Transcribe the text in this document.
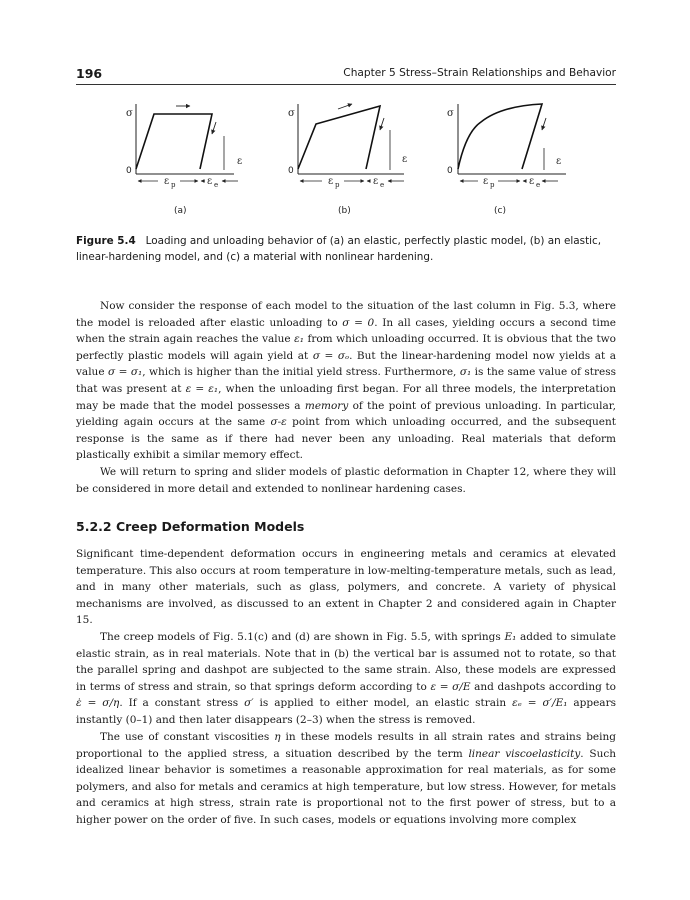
196	Chapter 5 Stress–Strain Relationships and Behavior
σ
0
ε
ε p	ε e
(a)
σ
0
ε
ε p	ε e
(b)
σ
0
ε
ε p	ε e
(c)

Figure 5.4 Loading and unloading behavior of (a) an elastic, perfectly plastic model, (b) an elastic, linear-hardening model, and (c) a material with nonlinear hardening.

Now consider the response of each model to the situation of the last column in Fig. 5.3, where the model is reloaded after elastic unloading to σ = 0. In all cases, yielding occurs a second time when the strain again reaches the value ε₁ from which unloading occurred. It is obvious that the two perfectly plastic models will again yield at σ = σₒ. But the linear-hardening model now yields at a value σ = σ₁, which is higher than the initial yield stress. Furthermore, σ₁ is the same value of stress that was present at ε = ε₁, when the unloading first began. For all three models, the interpretation may be made that the model possesses a memory of the point of previous unloading. In particular, yielding again occurs at the same σ-ε point from which unloading occurred, and the subsequent response is the same as if there had never been any unloading. Real materials that deform plastically exhibit a similar memory effect.

We will return to spring and slider models of plastic deformation in Chapter 12, where they will be considered in more detail and extended to nonlinear hardening cases.

5.2.2 Creep Deformation Models

Significant time-dependent deformation occurs in engineering metals and ceramics at elevated temperature. This also occurs at room temperature in low-melting-temperature metals, such as lead, and in many other materials, such as glass, polymers, and concrete. A variety of physical mechanisms are involved, as discussed to an extent in Chapter 2 and considered again in Chapter 15.

The creep models of Fig. 5.1(c) and (d) are shown in Fig. 5.5, with springs E₁ added to simulate elastic strain, as in real materials. Note that in (b) the vertical bar is assumed not to rotate, so that the parallel spring and dashpot are subjected to the same strain. Also, these models are expressed in terms of stress and strain, so that springs deform according to ε = σ/E and dashpots according to ε̇ = σ/η. If a constant stress σ′ is applied to either model, an elastic strain εₑ = σ′/E₁ appears instantly (0–1) and then later disappears (2–3) when the stress is removed.

The use of constant viscosities η in these models results in all strain rates and strains being proportional to the applied stress, a situation described by the term linear viscoelasticity. Such idealized linear behavior is sometimes a reasonable approximation for real materials, as for some polymers, and also for metals and ceramics at high temperature, but low stress. However, for metals and ceramics at high stress, strain rate is proportional not to the first power of stress, but to a higher power on the order of five. In such cases, models or equations involving more complex
